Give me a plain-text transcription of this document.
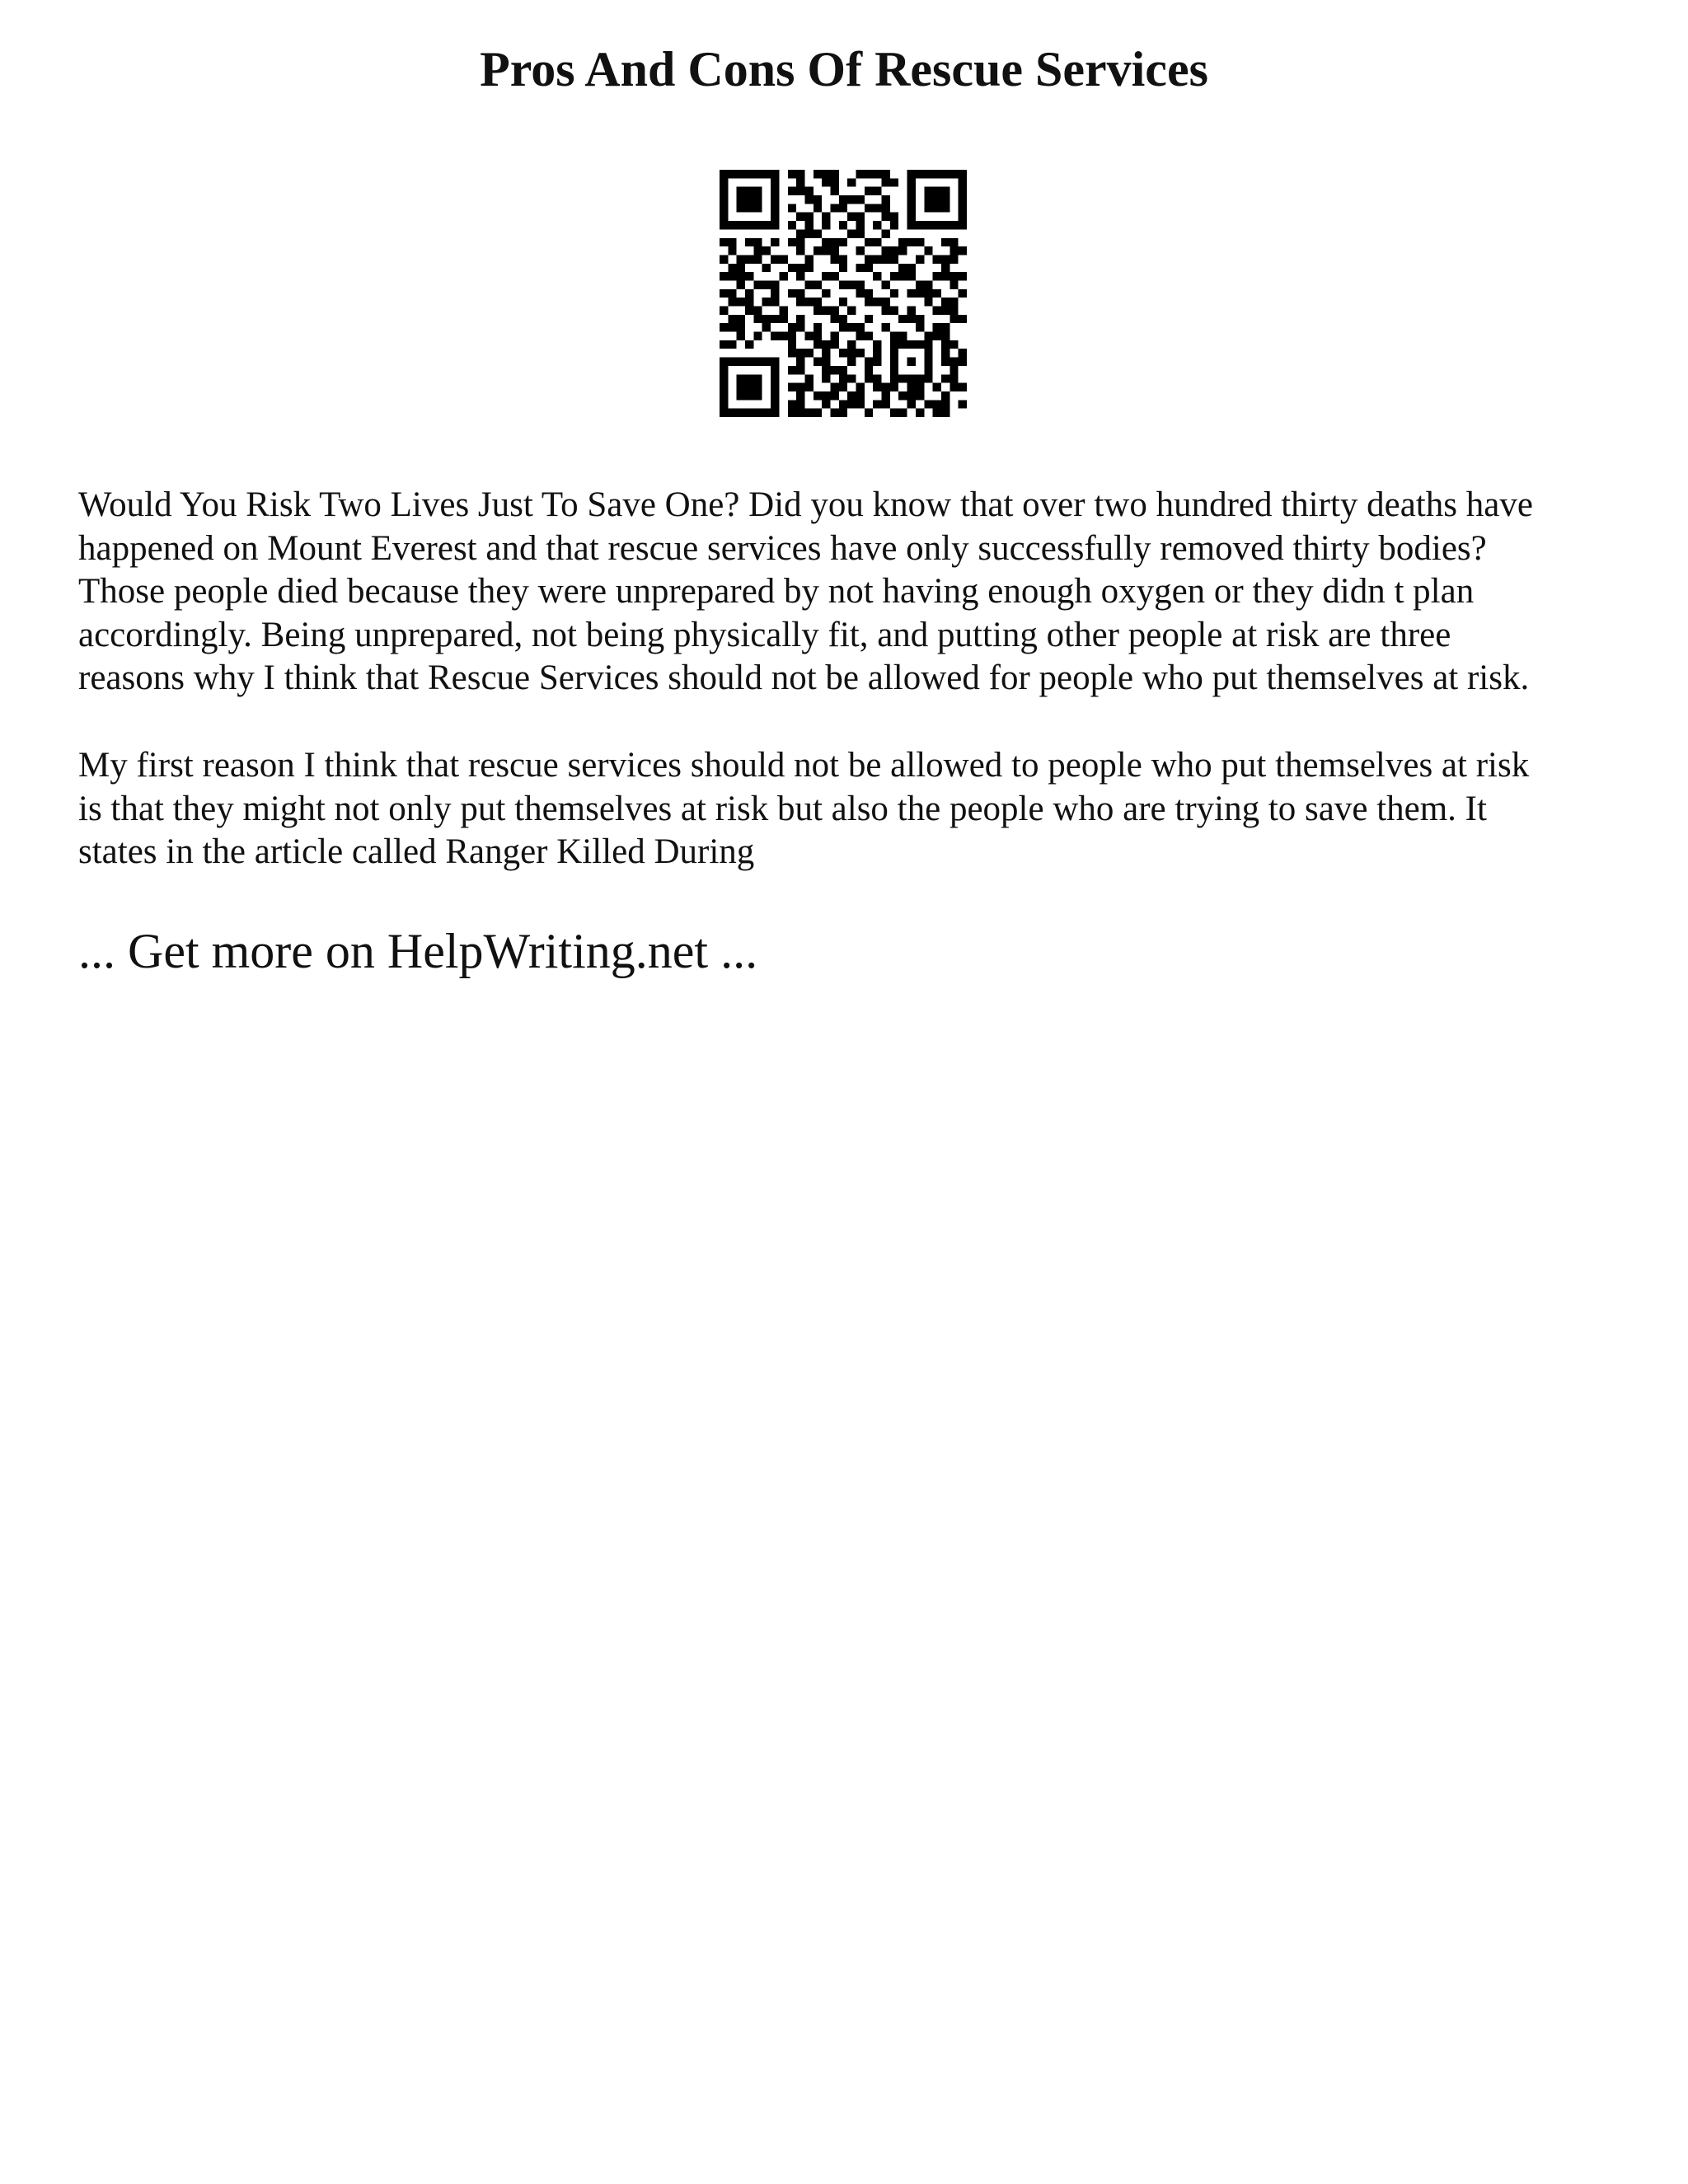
Pros And Cons Of Rescue Services

Would You Risk Two Lives Just To Save One? Did you know that over two hundred thirty deaths have
happened on Mount Everest and that rescue services have only successfully removed thirty bodies?
Those people died because they were unprepared by not having enough oxygen or they didn t plan
accordingly. Being unprepared, not being physically fit, and putting other people at risk are three
reasons why I think that Rescue Services should not be allowed for people who put themselves at risk.

My first reason I think that rescue services should not be allowed to people who put themselves at risk
is that they might not only put themselves at risk but also the people who are trying to save them. It
states in the article called Ranger Killed During

... Get more on HelpWriting.net ...
